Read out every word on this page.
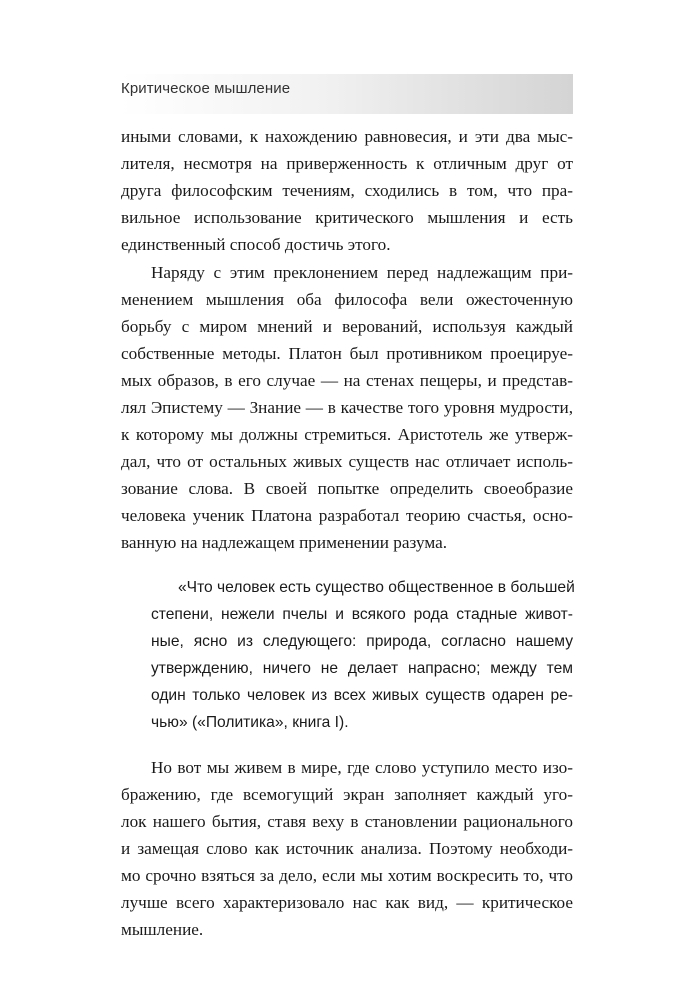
Критическое мышление
иными словами, к нахождению равновесия, и эти два мыс-
лителя, несмотря на приверженность к отличным друг от
друга философским течениям, сходились в том, что пра-
вильное использование критического мышления и есть
единственный способ достичь этого.
Наряду с этим преклонением перед надлежащим при-
менением мышления оба философа вели ожесточенную
борьбу с миром мнений и верований, используя каждый
собственные методы. Платон был противником проецируе-
мых образов, в его случае — на стенах пещеры, и представ-
лял Эпистему — Знание — в качестве того уровня мудрости,
к которому мы должны стремиться. Аристотель же утверж-
дал, что от остальных живых существ нас отличает исполь-
зование слова. В своей попытке определить своеобразие
человека ученик Платона разработал теорию счастья, осно-
ванную на надлежащем применении разума.
«Что человек есть существо общественное в большей
степени, нежели пчелы и всякого рода стадные живот-
ные, ясно из следующего: природа, согласно нашему
утверждению, ничего не делает напрасно; между тем
один только человек из всех живых существ одарен ре-
чью» («Политика», книга I).
Но вот мы живем в мире, где слово уступило место изо-
бражению, где всемогущий экран заполняет каждый уго-
лок нашего бытия, ставя веху в становлении рационального
и замещая слово как источник анализа. Поэтому необходи-
мо срочно взяться за дело, если мы хотим воскресить то, что
лучше всего характеризовало нас как вид, — критическое
мышление.
